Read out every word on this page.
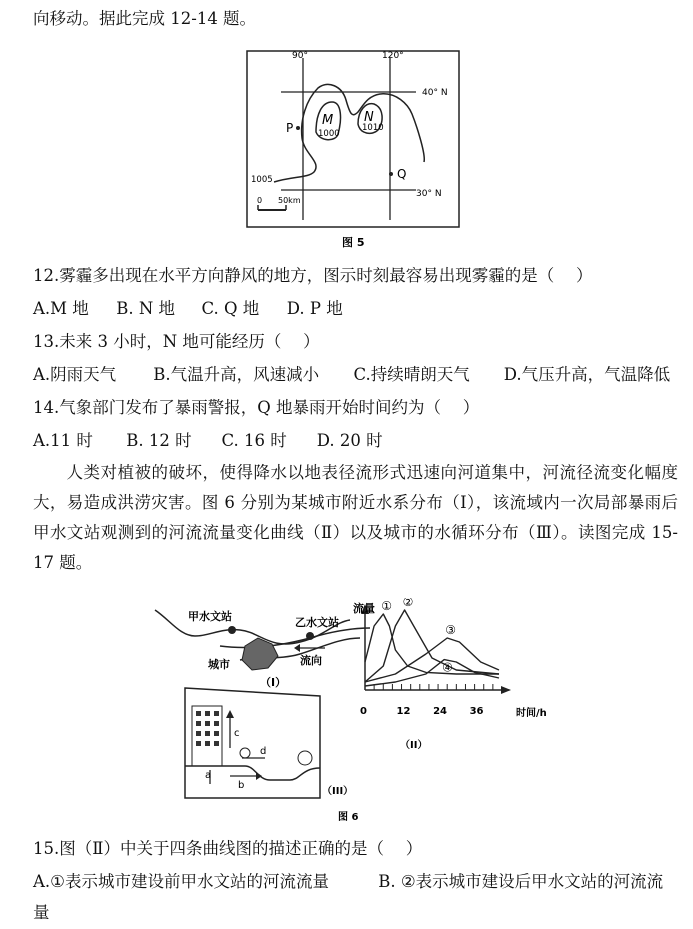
向移动。据此完成 12-14 题。
90°	120°
40° N
30° N
P M N
Q
1000
1010
1005
0 50km
图 5
12.雾霾多出现在水平方向静风的地方，图示时刻最容易出现雾霾的是（　 ）
A.M 地 B. N 地 C. Q 地 D. P 地
13.未来 3 小时，N 地可能经历（　 ）
A.阴雨天气 B.气温升高，风速减小 C.持续晴朗天气 D.气压升高，气温降低
14.气象部门发布了暴雨警报，Q 地暴雨开始时间约为（　 ）
A.11 时 B. 12 时 C. 16 时 D. 20 时
人类对植被的破坏，使得降水以地表径流形式迅速向河道集中，河流径流变化幅度大，易造成洪涝灾害。图 6 分别为某城市附近水系分布（Ⅰ），该流域内一次局部暴雨后甲水文站观测到的河流流量变化曲线（Ⅱ）以及城市的水循环分布（Ⅲ）。读图完成 15-17 题。
甲水文站	乙水文站
城市	流向
（I）
a
b
c
d
（III）
流量
时间/h
（II）
0	12 24 36
① ②
③
④
图 6
15.图（Ⅱ）中关于四条曲线图的描述正确的是（　 ）
A.①表示城市建设前甲水文站的河流流量	B. ②表示城市建设后甲水文站的河流流
量
